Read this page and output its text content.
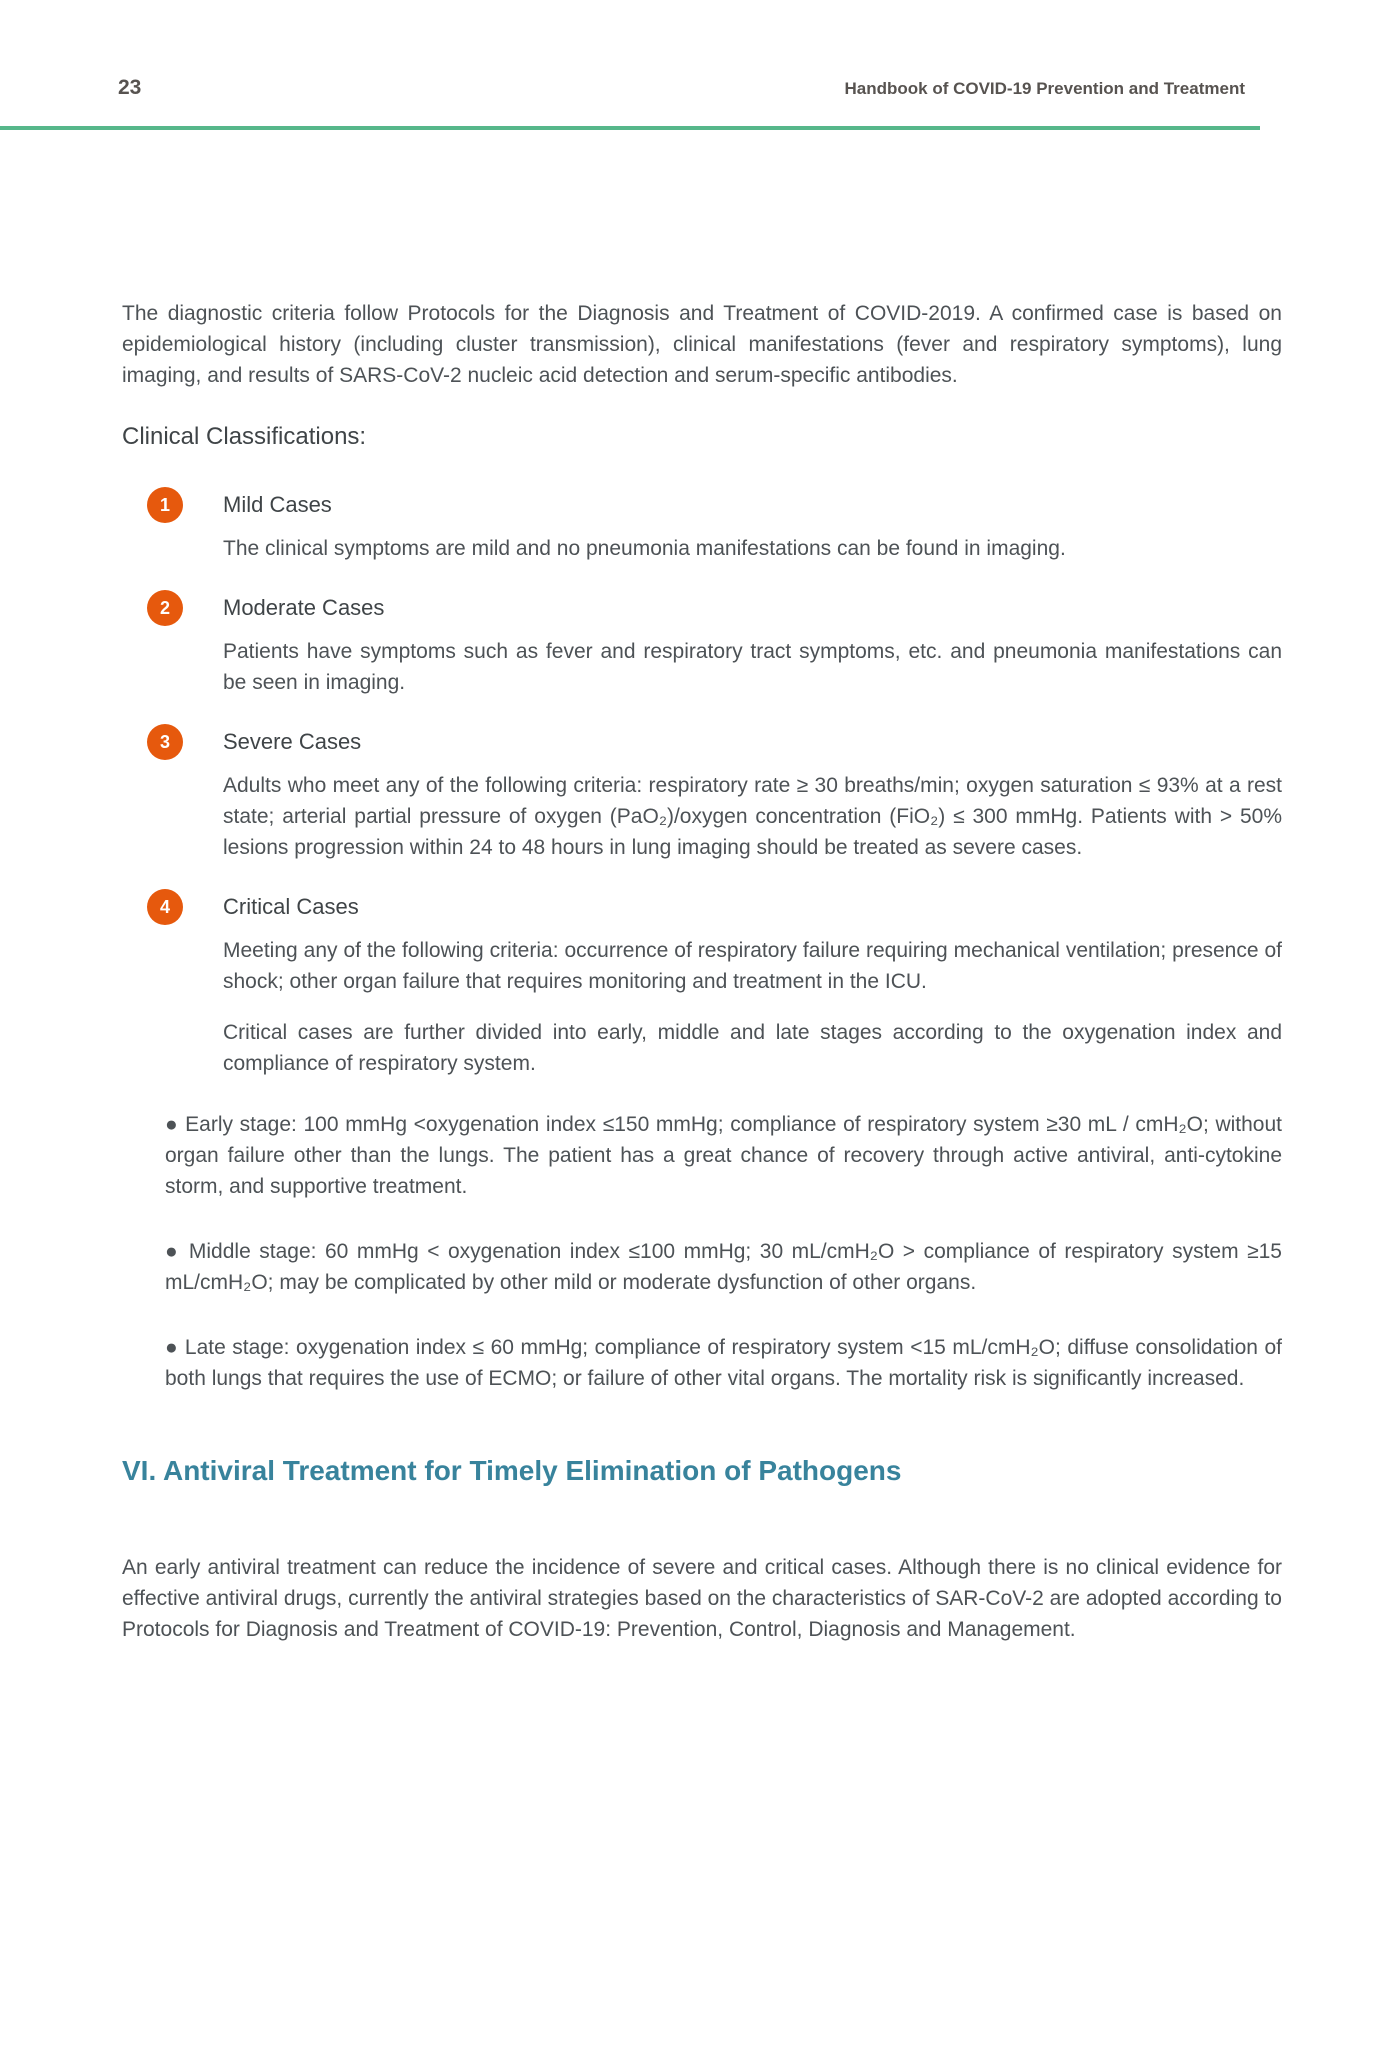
23	Handbook of COVID-19 Prevention and Treatment

The diagnostic criteria follow Protocols for the Diagnosis and Treatment of COVID-2019. A confirmed case is based on epidemiological history (including cluster transmission), clinical manifestations (fever and respiratory symptoms), lung imaging, and results of SARS-CoV-2 nucleic acid detection and serum-specific antibodies.

Clinical Classifications:
1	Mild Cases

The clinical symptoms are mild and no pneumonia manifestations can be found in imaging.

2	Moderate Cases

Patients have symptoms such as fever and respiratory tract symptoms, etc. and pneumonia manifestations can be seen in imaging.

3	Severe Cases

Adults who meet any of the following criteria: respiratory rate ≥ 30 breaths/min; oxygen saturation ≤ 93% at a rest state; arterial partial pressure of oxygen (PaO₂)/oxygen concentration (FiO₂) ≤ 300 mmHg. Patients with > 50% lesions progression within 24 to 48 hours in lung imaging should be treated as severe cases.

4	Critical Cases

Meeting any of the following criteria: occurrence of respiratory failure requiring mechanical ventilation; presence of shock; other organ failure that requires monitoring and treatment in the ICU.

Critical cases are further divided into early, middle and late stages according to the oxygenation index and compliance of respiratory system.

● Early stage: 100 mmHg <oxygenation index ≤150 mmHg; compliance of respiratory system ≥30 mL / cmH₂O; without organ failure other than the lungs. The patient has a great chance of recovery through active antiviral, anti-cytokine storm, and supportive treatment.

● Middle stage: 60 mmHg < oxygenation index ≤100 mmHg; 30 mL/cmH₂O > compliance of respiratory system ≥15 mL/cmH₂O; may be complicated by other mild or moderate dysfunction of other organs.

● Late stage: oxygenation index ≤ 60 mmHg; compliance of respiratory system <15 mL/cmH₂O; diffuse consolidation of both lungs that requires the use of ECMO; or failure of other vital organs. The mortality risk is significantly increased.

VI. Antiviral Treatment for Timely Elimination of Pathogens

An early antiviral treatment can reduce the incidence of severe and critical cases. Although there is no clinical evidence for effective antiviral drugs, currently the antiviral strategies based on the characteristics of SAR-CoV-2 are adopted according to Protocols for Diagnosis and Treatment of COVID-19: Prevention, Control, Diagnosis and Management.
